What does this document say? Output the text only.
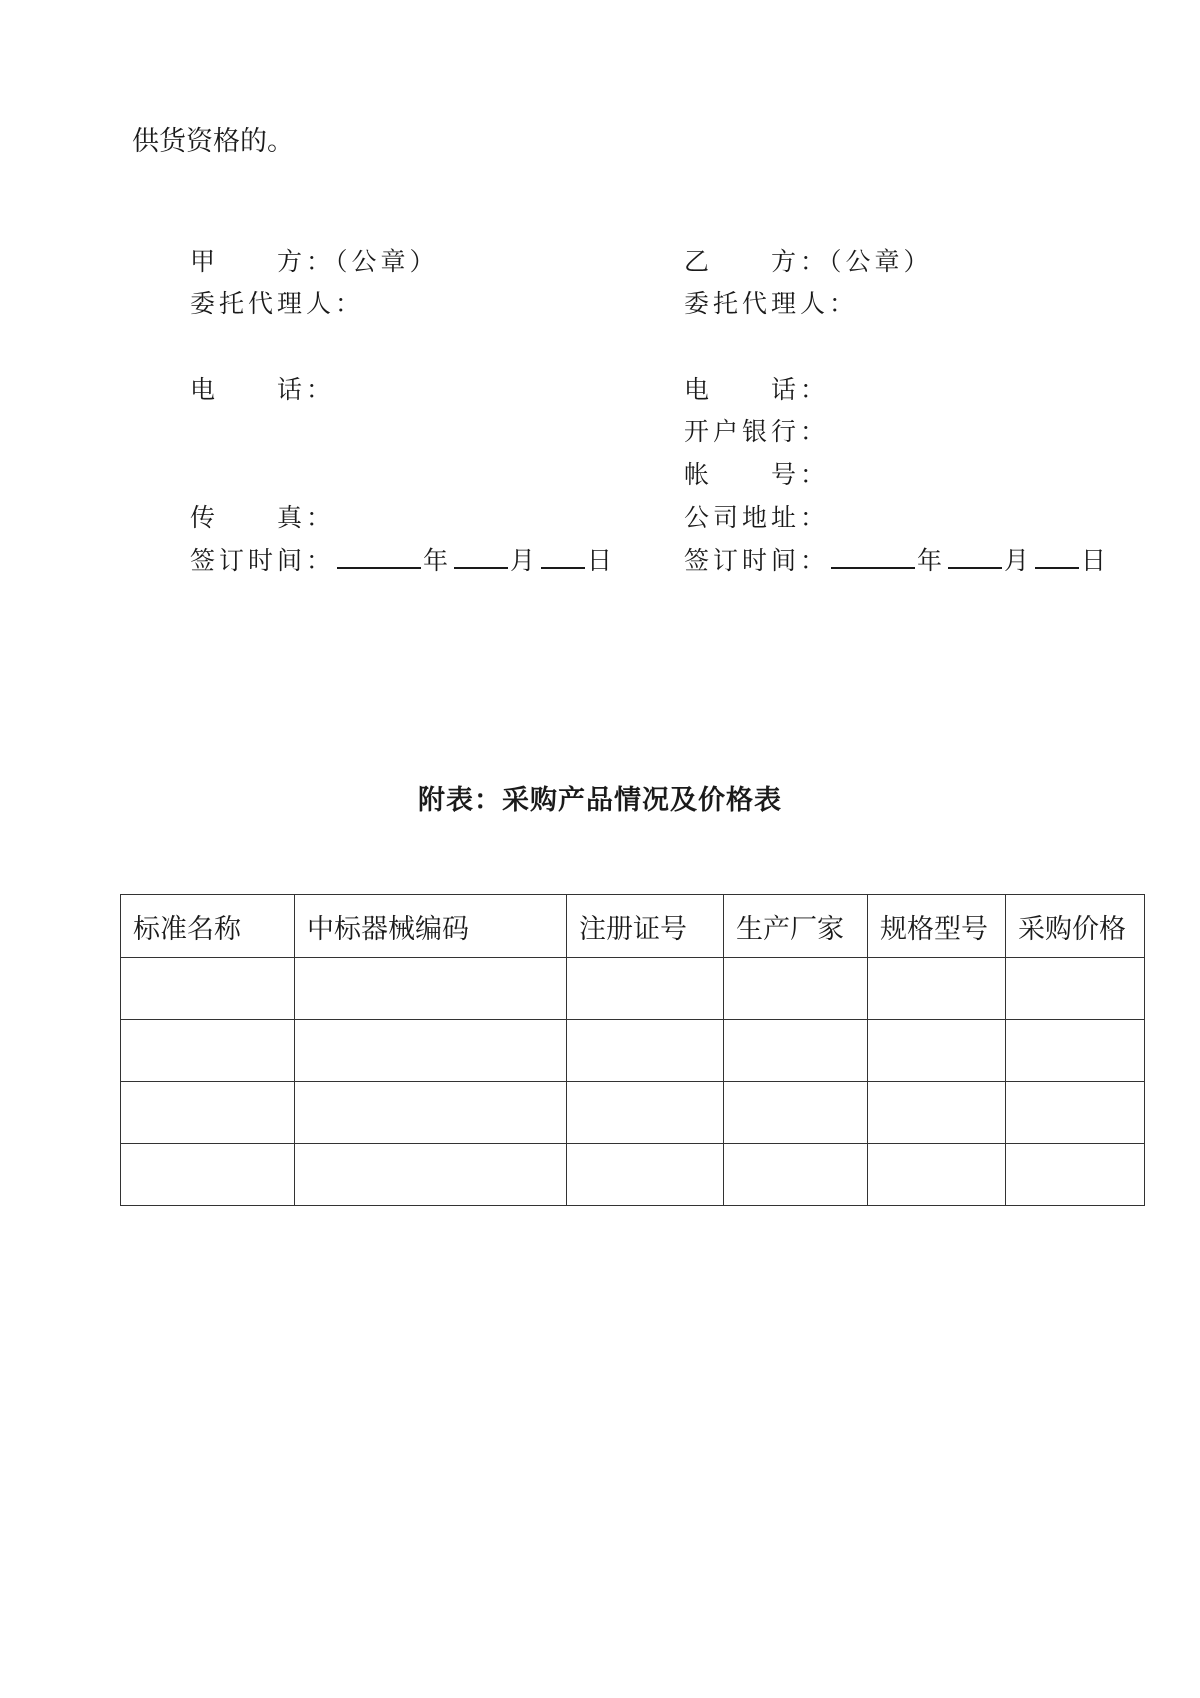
供货资格的。

甲　　方：（公章）
委托代理人：
电　　话：
传　　真：
签订时间：	年 月 日
乙　　方：（公章）
委托代理人：
电　　话：
开户银行：
帐　　号：
公司地址：
签订时间：	年 月 日
附表：采购产品情况及价格表
标准名称	中标器械编码	注册证号	生产厂家	规格型号	采购价格
